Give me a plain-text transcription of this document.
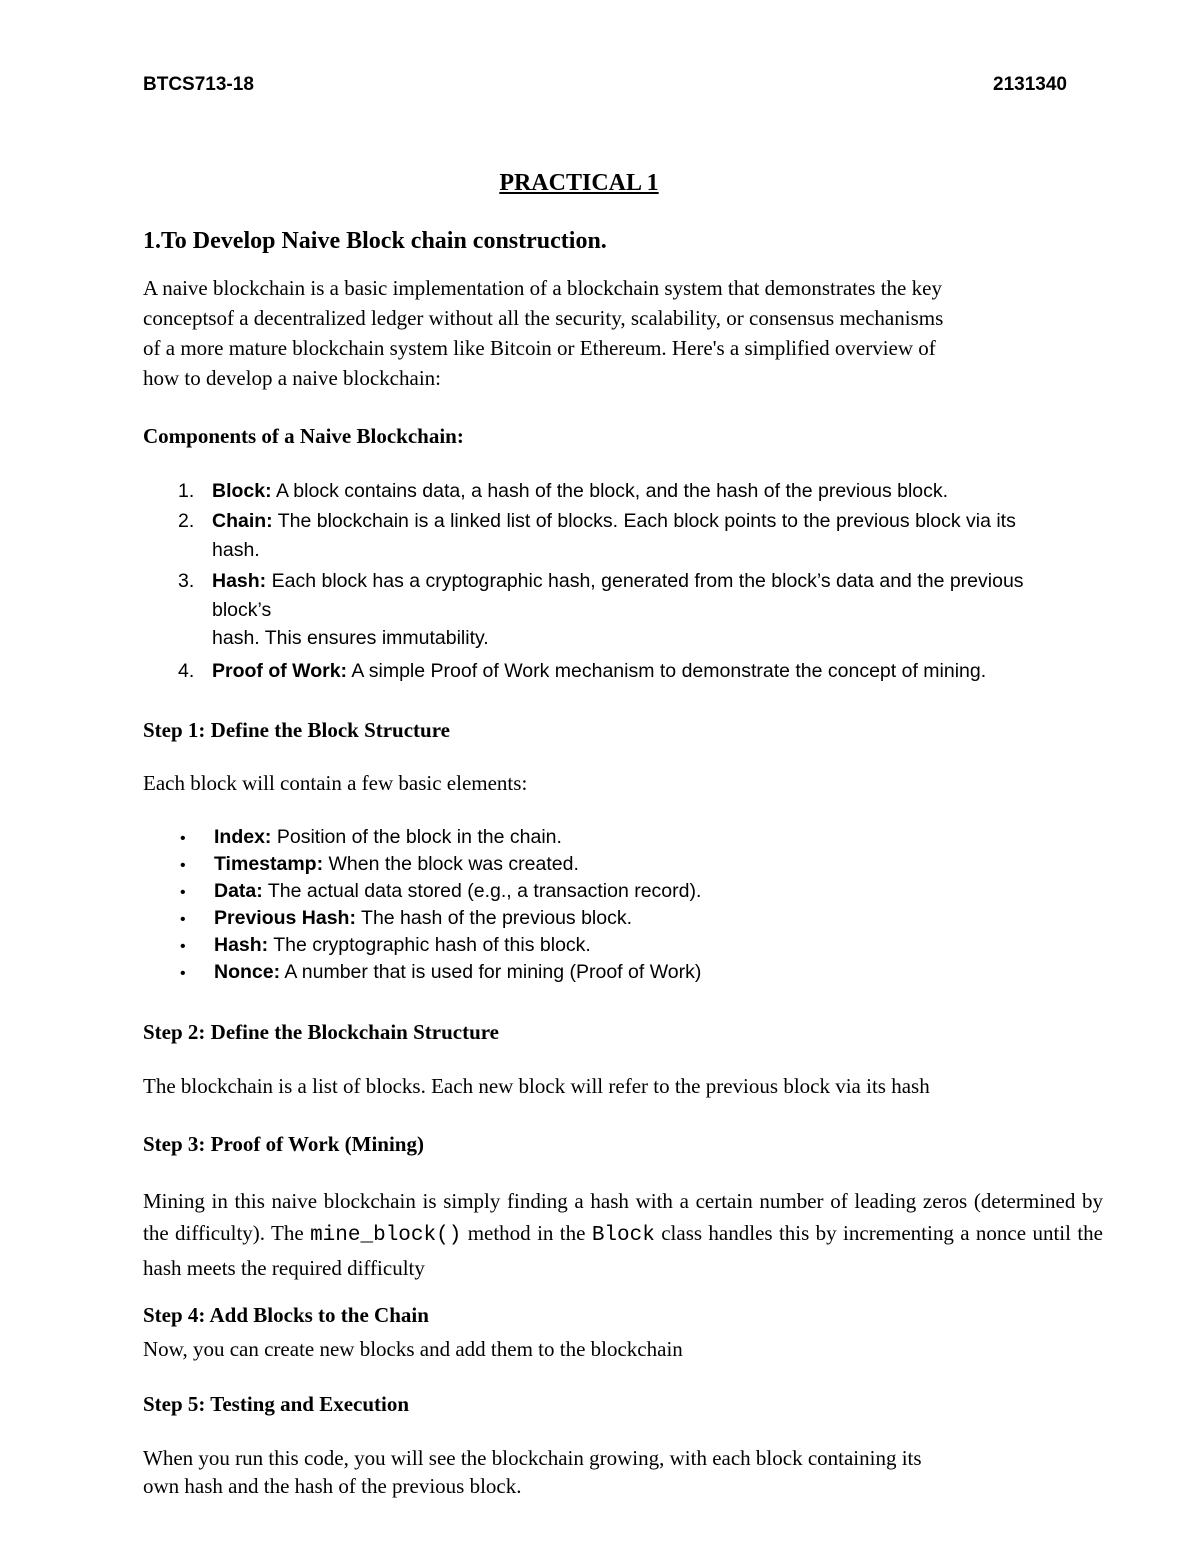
BTCS713-18	2131340
PRACTICAL 1
1.To Develop Naive Block chain construction.
A naive blockchain is a basic implementation of a blockchain system that demonstrates the key
conceptsof a decentralized ledger without all the security, scalability, or consensus mechanisms
of a more mature blockchain system like Bitcoin or Ethereum. Here's a simplified overview of
how to develop a naive blockchain:
Components of a Naive Blockchain:
1. Block: A block contains data, a hash of the block, and the hash of the previous block.
2. Chain: The blockchain is a linked list of blocks. Each block points to the previous block via its
hash.
3. Hash: Each block has a cryptographic hash, generated from the block’s data and the previous
block’s
hash. This ensures immutability.
4. Proof of Work: A simple Proof of Work mechanism to demonstrate the concept of mining.
Step 1: Define the Block Structure
Each block will contain a few basic elements:
• Index: Position of the block in the chain.
• Timestamp: When the block was created.
• Data: The actual data stored (e.g., a transaction record).
• Previous Hash: The hash of the previous block.
• Hash: The cryptographic hash of this block.
• Nonce: A number that is used for mining (Proof of Work)
Step 2: Define the Blockchain Structure
The blockchain is a list of blocks. Each new block will refer to the previous block via its hash
Step 3: Proof of Work (Mining)
Mining in this naive blockchain is simply finding a hash with a certain number of leading zeros (determined by the difficulty). The mine_block() method in the Block class handles this by incrementing a nonce until the hash meets the required difficulty
Step 4: Add Blocks to the Chain
Now, you can create new blocks and add them to the blockchain
Step 5: Testing and Execution
When you run this code, you will see the blockchain growing, with each block containing its
own hash and the hash of the previous block.
